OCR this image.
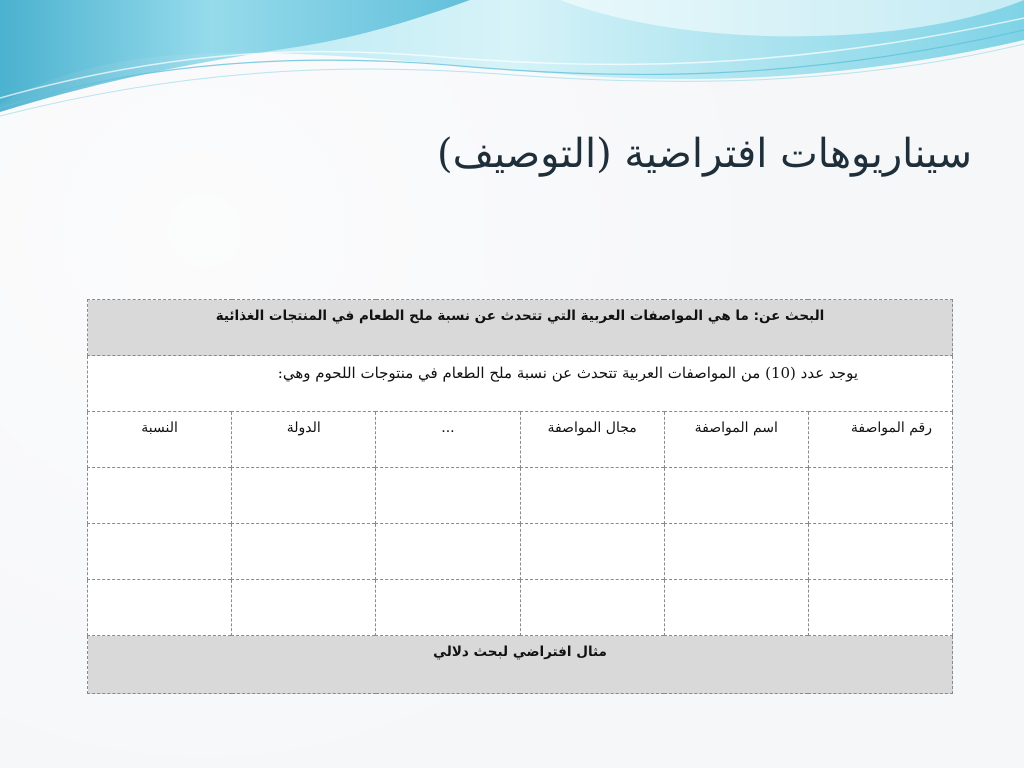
سيناريوهات افتراضية (التوصيف)
البحث عن: ما هي المواصفات العربية التي تتحدث عن نسبة ملح الطعام في المنتجات الغذائية					
يوجد عدد (10) من المواصفات العربية تتحدث عن نسبة ملح الطعام في منتوجات اللحوم وهي:					
رقم المواصفة	اسم المواصفة	مجال المواصفة	...	الدولة	النسبة

مثال افتراضي لبحث دلالي					
